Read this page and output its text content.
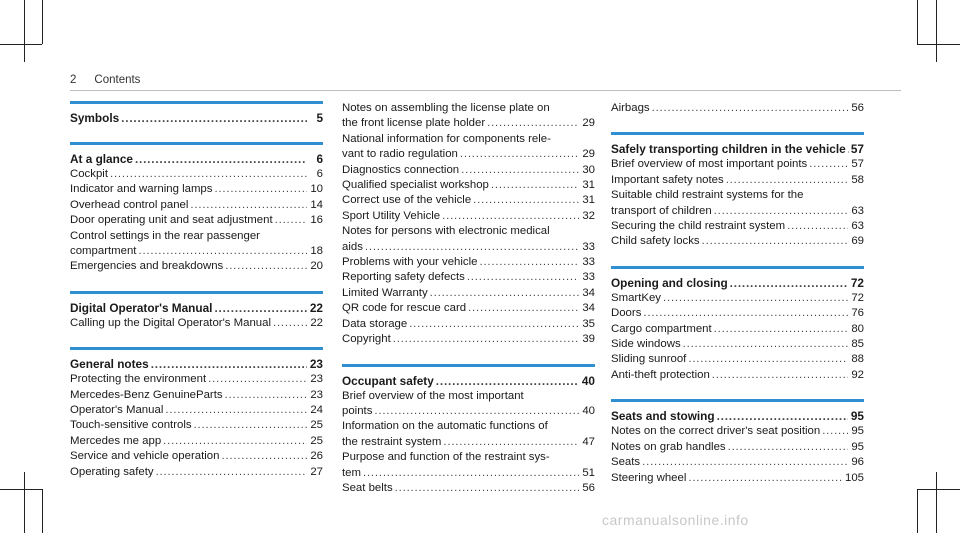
2 Contents
Symbols .....	5
At a glance .....	6
Cockpit .....	6
Indicator and warning lamps .....	10
Overhead control panel .....	14
Door operating unit and seat adjustment .....	16
Control settings in the rear passenger
compartment .....	18
Emergencies and breakdowns .....	20
Digital Operator's Manual .....	22
Calling up the Digital Operator's Manual .....	22
General notes .....	23
Protecting the environment .....	23
Mercedes-Benz GenuineParts .....	23
Operator's Manual .....	24
Touch-sensitive controls .....	25
Mercedes me app .....	25
Service and vehicle operation .....	26
Operating safety .....	27
Notes on assembling the license plate on
the front license plate holder .....	29
National information for components rele-
vant to radio regulation .....	29
Diagnostics connection .....	30
Qualified specialist workshop .....	31
Correct use of the vehicle .....	31
Sport Utility Vehicle .....	32
Notes for persons with electronic medical
aids .....	33
Problems with your vehicle .....	33
Reporting safety defects .....	33
Limited Warranty .....	34
QR code for rescue card .....	34
Data storage .....	35
Copyright .....	39
Occupant safety .....	40
Brief overview of the most important
points .....	40
Information on the automatic functions of
the restraint system .....	47
Purpose and function of the restraint sys-
tem .....	51
Seat belts .....	56
Airbags .....	56
Safely transporting children in the vehicle ..... 57
Brief overview of most important points .....	57
Important safety notes .....	58
Suitable child restraint systems for the
transport of children .....	63
Securing the child restraint system .....	63
Child safety locks .....	69
Opening and closing .....	72
SmartKey .....	72
Doors .....	76
Cargo compartment .....	80
Side windows .....	85
Sliding sunroof .....	88
Anti-theft protection .....	92
Seats and stowing .....	95
Notes on the correct driver's seat position .....	95
Notes on grab handles .....	95
Seats .....	96
Steering wheel .....	105
carmanualsonline.info
